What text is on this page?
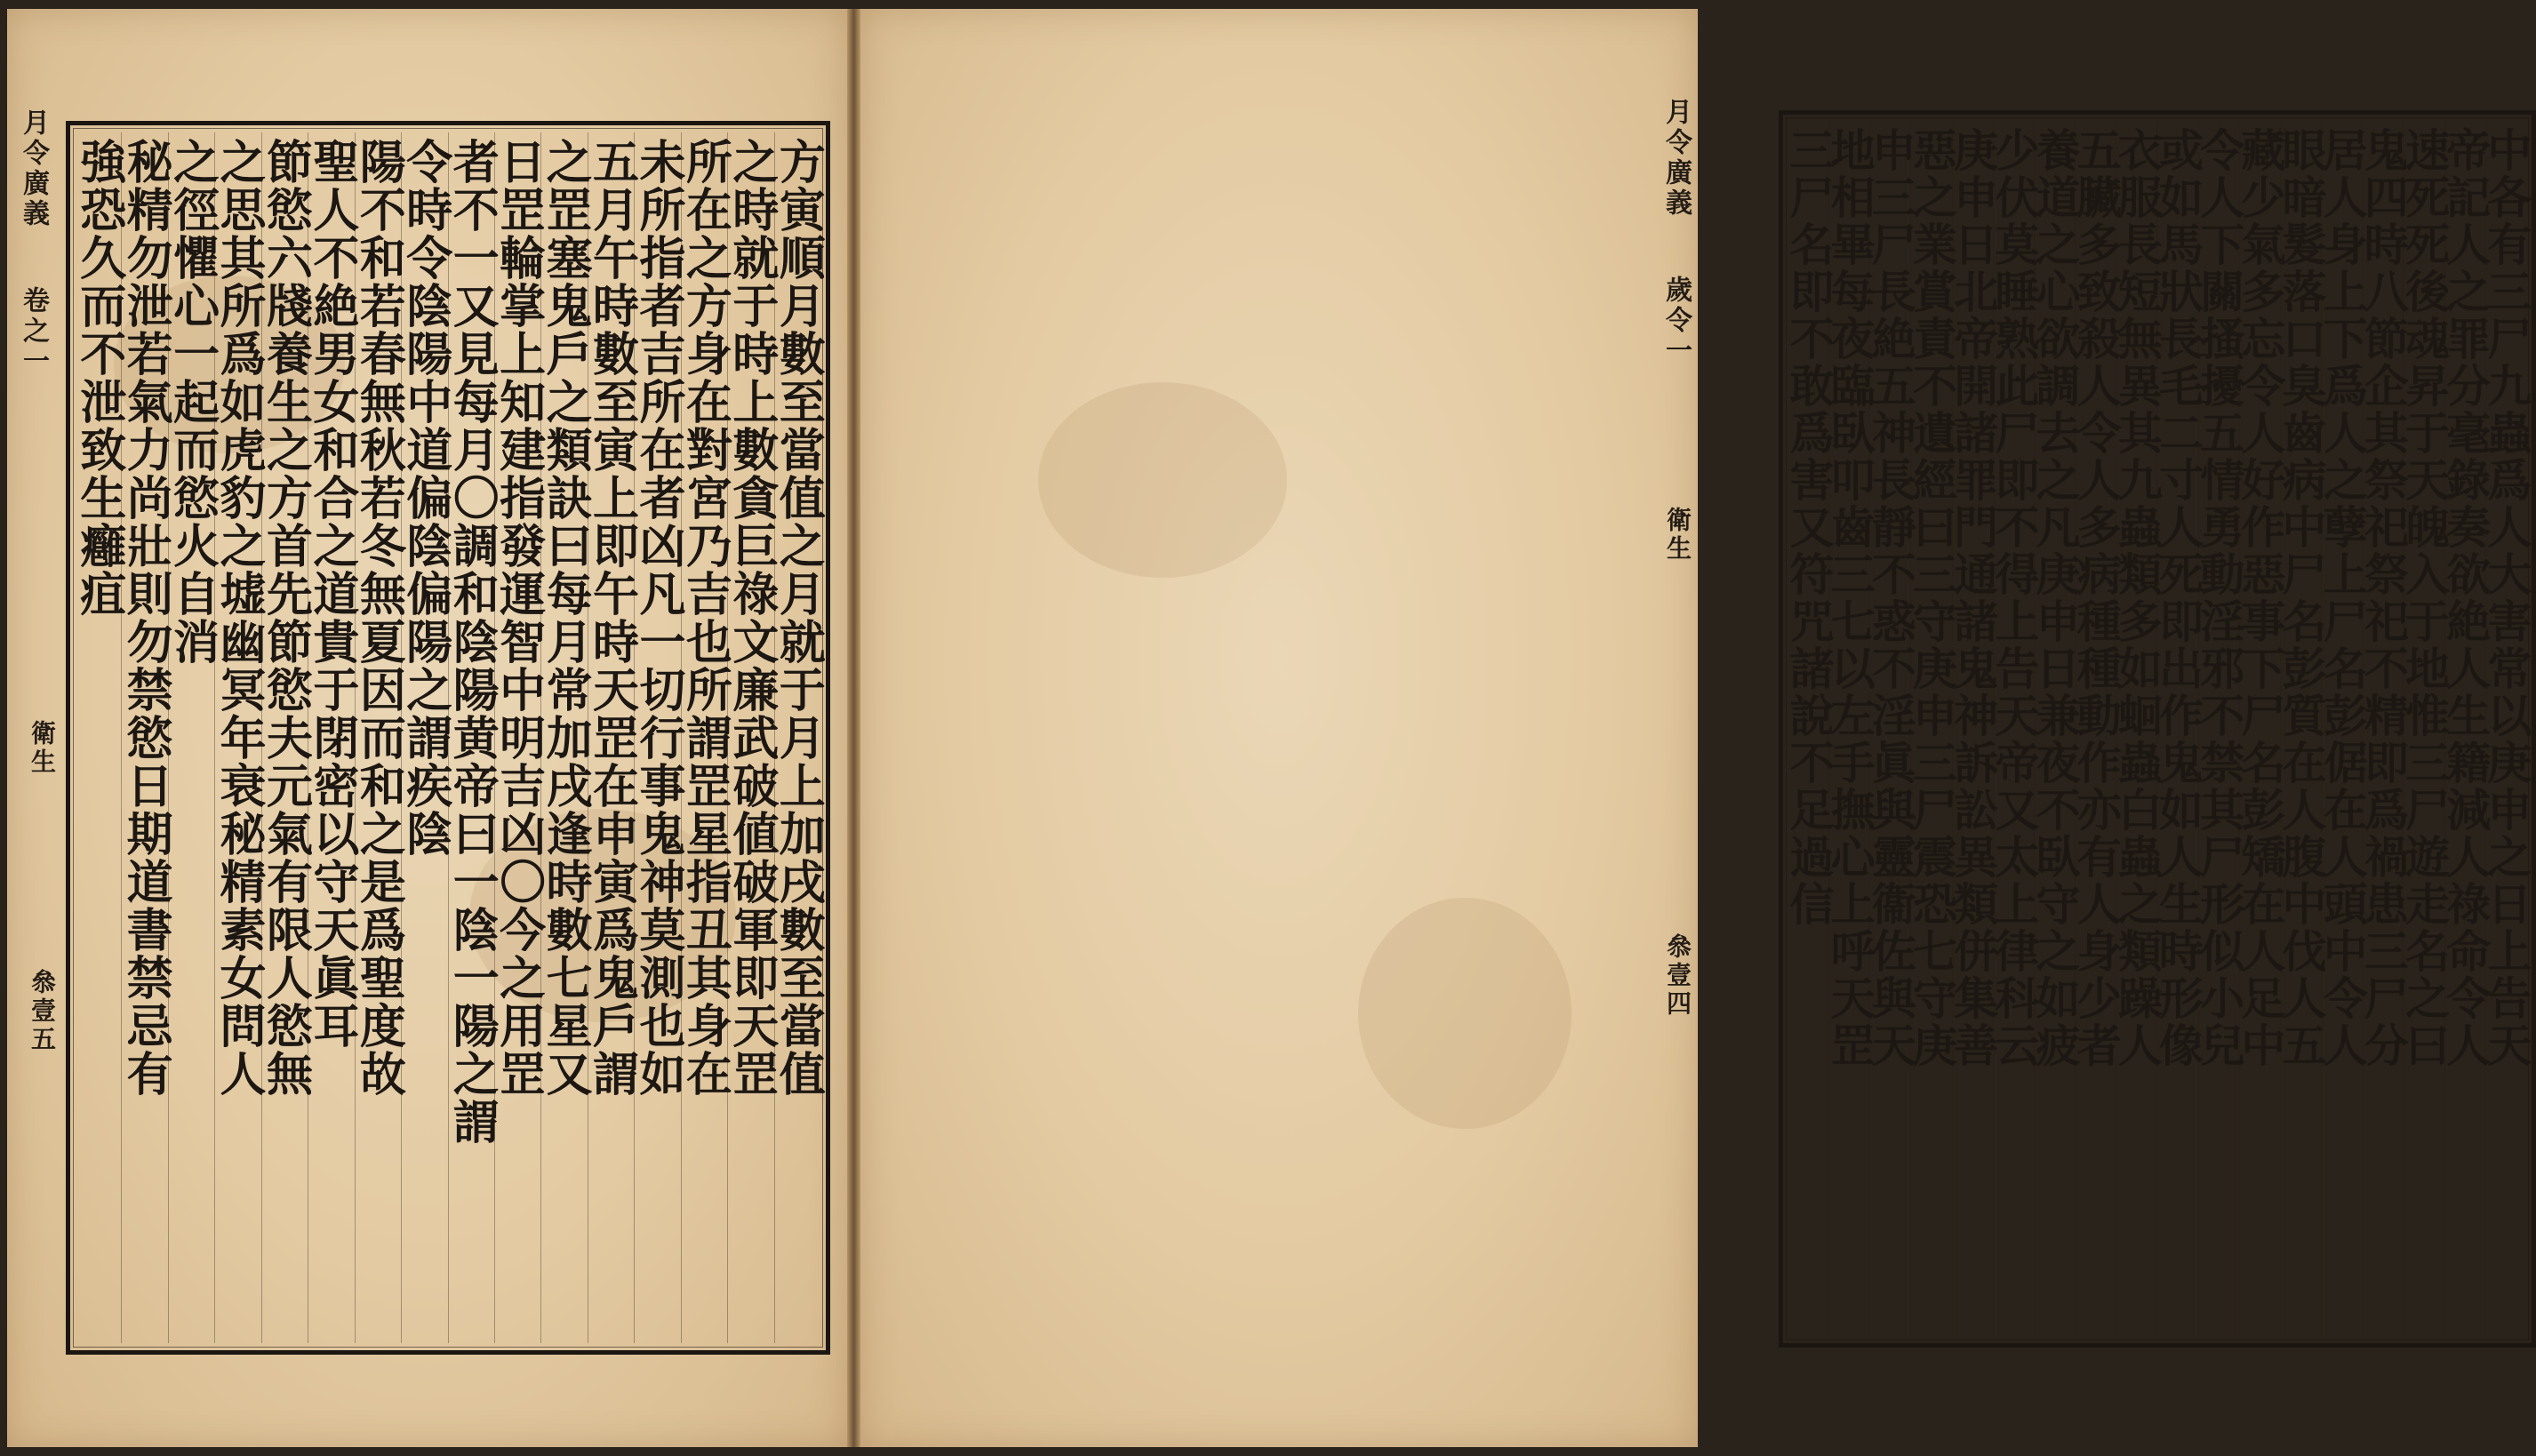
月令廣義
卷之一
衛生
叅壹五	方寅順月數至當值之月就于月上加戌數至當值
之時就于時上數貪巨祿文廉武破値破軍即天罡
所在之方身在對宮乃吉也所謂罡星指丑其身在
未所指者吉所在者凶凡一切行事鬼神莫測也如
五月午時數至寅上即午時天罡在申寅爲鬼戶謂
之罡塞鬼戶之類訣曰每月常加戌逢時數七星又
日罡輪掌上知建指發運智中明吉凶〇今之用罡
者不一又見每月〇調和陰陽黄帝曰一陰一陽之謂
令時令陰陽中道偏陰偏陽之謂疾陰
陽不和若春無秋若冬無夏因而和之是爲聖度故
聖人不絶男女和合之道貴于閉密以守天眞耳
節慾六牋養生之方首先節慾夫元氣有限人慾無
之思其所爲如虎豹之墟幽冥年衰秘精素女問人
之徑懼心一起而慾火自消
秘精勿泄若氣力尚壯則勿禁慾日期道書禁忌有
強恐久而不泄致生癰疽	中各有三尸九蟲爲人大害常以庚申之日上告天
帝記人之罪分毫錄奏欲絶人生籍減人祿命令人
速死死後魂昇于天魄入于地惟三尸遊走名之曰
鬼四時八節企其祭祀祭祀不精即爲禍患三尸分
居人身上下爲人之孽上尸名彭倨在人頭中令人
眼暗髮落口臭齒病中尸名彭質在人腹中伐人五
藏少氣多忘令人好作惡事下尸名彭矯在人足中
令人下關搔擾五情勇動淫邪不禁其尸形似小兒
或如馬狀長毛二寸人死即出作鬼如人生時形像
衣服長短無異其九蟲類多如蛔蟲白蟲之類躁人
五臟多致殺人令人多病種種動作亦有人身少者
養道之心欲調去之凡庚申日兼夜不臥守之如疲
少伏莫睡熟此尸即不得上告天帝又太上律科云
庚申日北帝開諸罪門通諸鬼神訴訟異類併集善
惡之業賞責不遺經曰三守庚申三尸震恐七守庚
申三尸長絶五神長靜不惑不淫眞與靈衞佐與天
地相畢每夜臨臥叩齒三七以左手撫心上呼天罡
三尸名即不敢爲害又符咒諸說不足過信
月令廣義
歲令一
衛生
叅壹四
